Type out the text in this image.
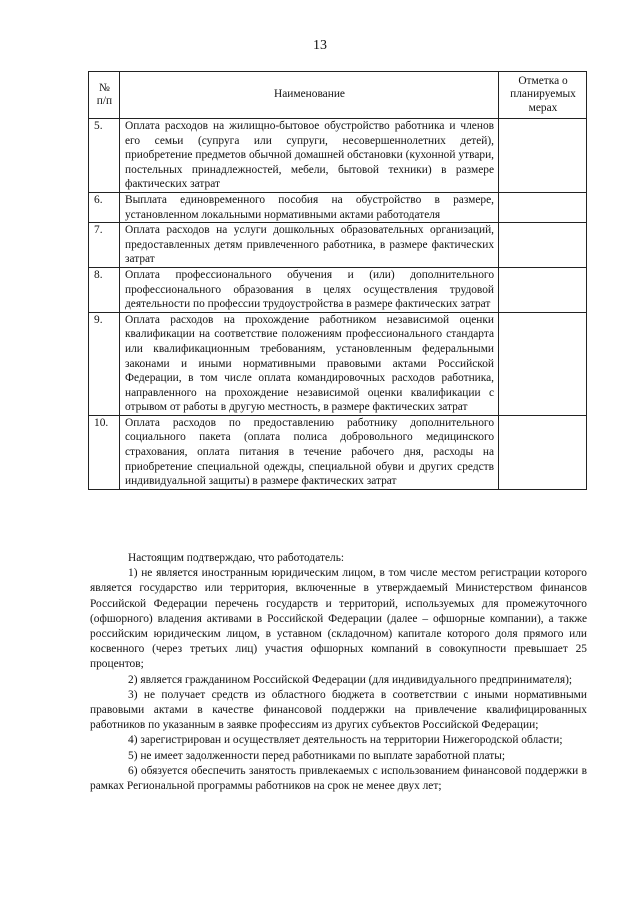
13
№ п/п	Наименование	Отметка о планируемых мерах
5.	Оплата расходов на жилищно-бытовое обустройство работника и членов его семьи (супруга или супруги, несовершеннолетних детей), приобретение предметов обычной домашней обстановки (кухонной утвари, постельных принадлежностей, мебели, бытовой техники) в размере фактических затрат	
6.	Выплата единовременного пособия на обустройство в размере, установленном локальными нормативными актами работодателя	
7.	Оплата расходов на услуги дошкольных образовательных организаций, предоставленных детям привлеченного работника, в размере фактических затрат	
8.	Оплата профессионального обучения и (или) дополнительного профессионального образования в целях осуществления трудовой деятельности по профессии трудоустройства в размере фактических затрат	
9.	Оплата расходов на прохождение работником независимой оценки квалификации на соответствие положениям профессионального стандарта или квалификационным требованиям, установленным федеральными законами и иными нормативными правовыми актами Российской Федерации, в том числе оплата командировочных расходов работника, направленного на прохождение независимой оценки квалификации с отрывом от работы в другую местность, в размере фактических затрат	
10.	Оплата расходов по предоставлению работнику дополнительного социального пакета (оплата полиса добровольного медицинского страхования, оплата питания в течение рабочего дня, расходы на приобретение специальной одежды, специальной обуви и других средств индивидуальной защиты) в размере фактических затрат	

Настоящим подтверждаю, что работодатель:

1) не является иностранным юридическим лицом, в том числе местом регистрации которого является государство или территория, включенные в утверждаемый Министерством финансов Российской Федерации перечень государств и территорий, используемых для промежуточного (офшорного) владения активами в Российской Федерации (далее – офшорные компании), а также российским юридическим лицом, в уставном (складочном) капитале которого доля прямого или косвенного (через третьих лиц) участия офшорных компаний в совокупности превышает 25 процентов;

2) является гражданином Российской Федерации (для индивидуального предпринимателя);

3) не получает средств из областного бюджета в соответствии с иными нормативными правовыми актами в качестве финансовой поддержки на привлечение квалифицированных работников по указанным в заявке профессиям из других субъектов Российской Федерации;

4) зарегистрирован и осуществляет деятельность на территории Нижегородской области;

5) не имеет задолженности перед работниками по выплате заработной платы;

6) обязуется обеспечить занятость привлекаемых с использованием финансовой поддержки в рамках Региональной программы работников на срок не менее двух лет;
